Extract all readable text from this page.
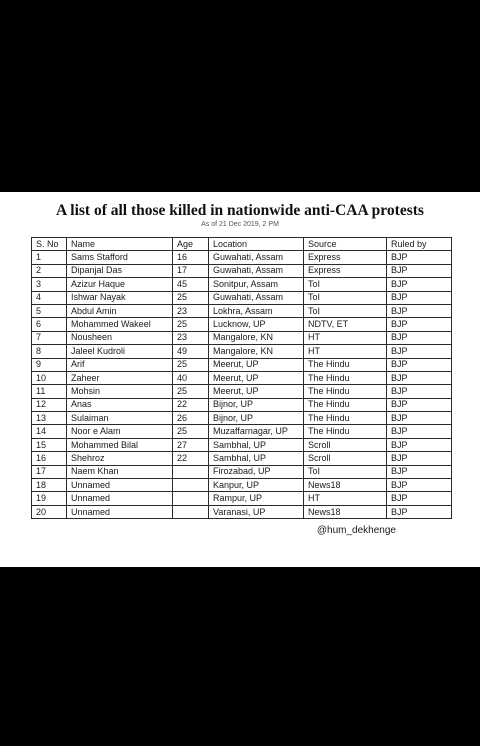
A list of all those killed in nationwide anti-CAA protests
As of 21 Dec 2019, 2 PM
S. No	Name	Age	Location	Source	Ruled by
1	Sams Stafford	16	Guwahati, Assam	Express	BJP
2	Dipanjal Das	17	Guwahati, Assam	Express	BJP
3	Azizur Haque	45	Sonitpur, Assam	ToI	BJP
4	Ishwar Nayak	25	Guwahati, Assam	ToI	BJP
5	Abdul Amin	23	Lokhra, Assam	ToI	BJP
6	Mohammed Wakeel	25	Lucknow, UP	NDTV, ET	BJP
7	Nousheen	23	Mangalore, KN	HT	BJP
8	Jaleel Kudroli	49	Mangalore, KN	HT	BJP
9	Arif	25	Meerut, UP	The Hindu	BJP
10	Zaheer	40	Meerut, UP	The Hindu	BJP
11	Mohsin	25	Meerut, UP	The Hindu	BJP
12	Anas	22	Bijnor, UP	The Hindu	BJP
13	Sulaiman	26	Bijnor, UP	The Hindu	BJP
14	Noor e Alam	25	Muzaffarnagar, UP	The Hindu	BJP
15	Mohammed Bilal	27	Sambhal, UP	Scroll	BJP
16	Shehroz	22	Sambhal, UP	Scroll	BJP
17	Naem Khan		Firozabad, UP	ToI	BJP
18	Unnamed		Kanpur, UP	News18	BJP
19	Unnamed		Rampur, UP	HT	BJP
20	Unnamed		Varanasi, UP	News18	BJP
@hum_dekhenge
